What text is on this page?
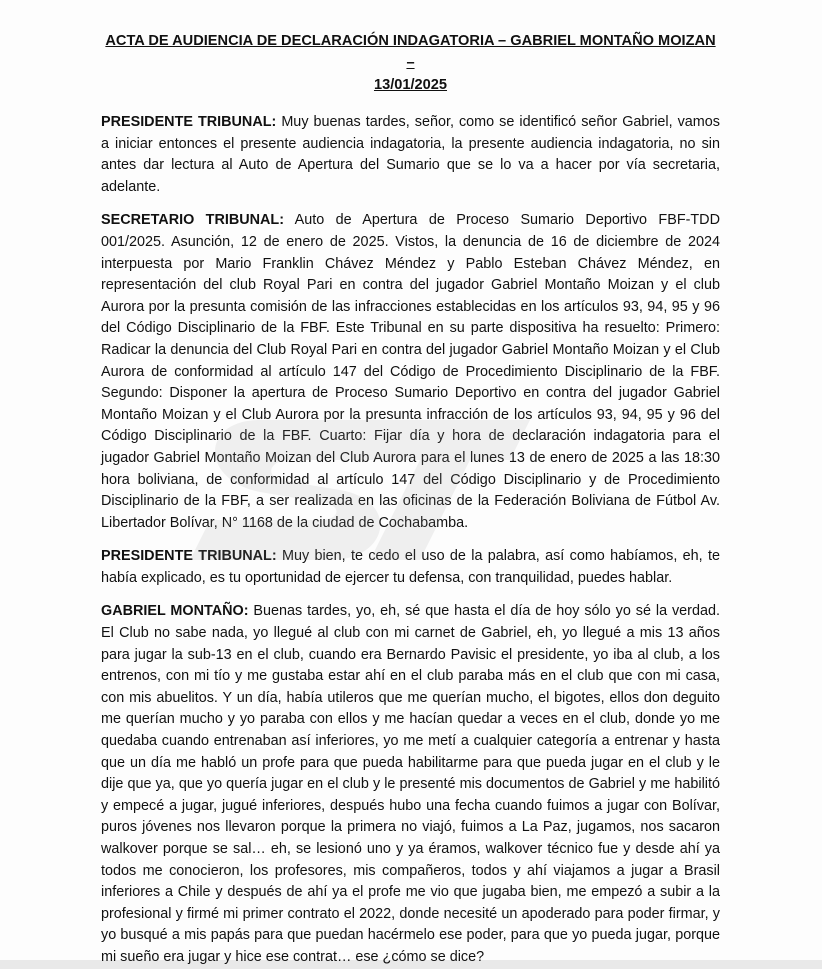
ACTA DE AUDIENCIA DE DECLARACIÓN INDAGATORIA – GABRIEL MONTAÑO MOIZAN –
13/01/2025

PRESIDENTE TRIBUNAL: Muy buenas tardes, señor, como se identificó señor Gabriel, vamos a iniciar entonces el presente audiencia indagatoria, la presente audiencia indagatoria, no sin antes dar lectura al Auto de Apertura del Sumario que se lo va a hacer por vía secretaria, adelante.

SECRETARIO TRIBUNAL: Auto de Apertura de Proceso Sumario Deportivo FBF-TDD 001/2025. Asunción, 12 de enero de 2025. Vistos, la denuncia de 16 de diciembre de 2024 interpuesta por Mario Franklin Chávez Méndez y Pablo Esteban Chávez Méndez, en representación del club Royal Pari en contra del jugador Gabriel Montaño Moizan y el club Aurora por la presunta comisión de las infracciones establecidas en los artículos 93, 94, 95 y 96 del Código Disciplinario de la FBF. Este Tribunal en su parte dispositiva ha resuelto: Primero: Radicar la denuncia del Club Royal Pari en contra del jugador Gabriel Montaño Moizan y el Club Aurora de conformidad al artículo 147 del Código de Procedimiento Disciplinario de la FBF. Segundo: Disponer la apertura de Proceso Sumario Deportivo en contra del jugador Gabriel Montaño Moizan y el Club Aurora por la presunta infracción de los artículos 93, 94, 95 y 96 del Código Disciplinario de la FBF. Cuarto: Fijar día y hora de declaración indagatoria para el jugador Gabriel Montaño Moizan del Club Aurora para el lunes 13 de enero de 2025 a las 18:30 hora boliviana, de conformidad al artículo 147 del Código Disciplinario y de Procedimiento Disciplinario de la FBF, a ser realizada en las oficinas de la Federación Boliviana de Fútbol Av. Libertador Bolívar, N° 1168 de la ciudad de Cochabamba.

PRESIDENTE TRIBUNAL: Muy bien, te cedo el uso de la palabra, así como habíamos, eh, te había explicado, es tu oportunidad de ejercer tu defensa, con tranquilidad, puedes hablar.

GABRIEL MONTAÑO: Buenas tardes, yo, eh, sé que hasta el día de hoy sólo yo sé la verdad. El Club no sabe nada, yo llegué al club con mi carnet de Gabriel, eh, yo llegué a mis 13 años para jugar la sub-13 en el club, cuando era Bernardo Pavisic el presidente, yo iba al club, a los entrenos, con mi tío y me gustaba estar ahí en el club paraba más en el club que con mi casa, con mis abuelitos. Y un día, había utileros que me querían mucho, el bigotes, ellos don deguito me querían mucho y yo paraba con ellos y me hacían quedar a veces en el club, donde yo me quedaba cuando entrenaban así inferiores, yo me metí a cualquier categoría a entrenar y hasta que un día me habló un profe para que pueda habilitarme para que pueda jugar en el club y le dije que ya, que yo quería jugar en el club y le presenté mis documentos de Gabriel y me habilitó y empecé a jugar, jugué inferiores, después hubo una fecha cuando fuimos a jugar con Bolívar, puros jóvenes nos llevaron porque la primera no viajó, fuimos a La Paz, jugamos, nos sacaron walkover porque se sal… eh, se lesionó uno y ya éramos, walkover técnico fue y desde ahí ya todos me conocieron, los profesores, mis compañeros, todos y ahí viajamos a jugar a Brasil inferiores a Chile y después de ahí ya el profe me vio que jugaba bien, me empezó a subir a la profesional y firmé mi primer contrato el 2022, donde necesité un apoderado para poder firmar, y yo busqué a mis papás para que puedan hacérmelo ese poder, para que yo pueda jugar, porque mi sueño era jugar y hice ese contrat… ese ¿cómo se dice?
